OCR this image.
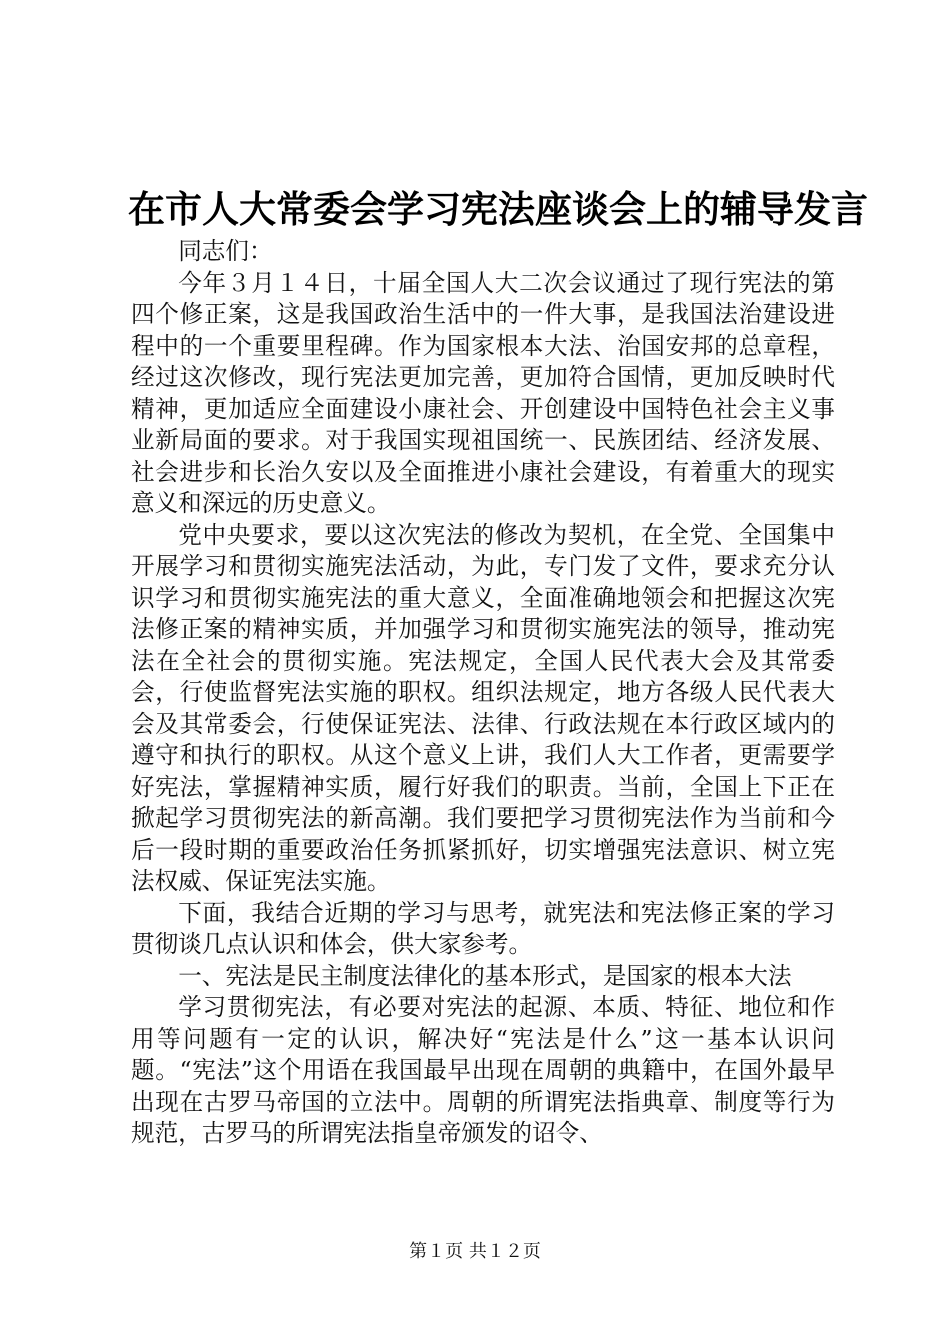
在市人大常委会学习宪法座谈会上的辅导发言

同志们：

今年３月１４日，十届全国人大二次会议通过了现行宪法的第四个修正案，这是我国政治生活中的一件大事，是我国法治建设进程中的一个重要里程碑。作为国家根本大法、治国安邦的总章程，经过这次修改，现行宪法更加完善，更加符合国情，更加反映时代精神，更加适应全面建设小康社会、开创建设中国特色社会主义事业新局面的要求。对于我国实现祖国统一、民族团结、经济发展、社会进步和长治久安以及全面推进小康社会建设，有着重大的现实意义和深远的历史意义。

党中央要求，要以这次宪法的修改为契机，在全党、全国集中开展学习和贯彻实施宪法活动，为此，专门发了文件，要求充分认识学习和贯彻实施宪法的重大意义，全面准确地领会和把握这次宪法修正案的精神实质，并加强学习和贯彻实施宪法的领导，推动宪法在全社会的贯彻实施。宪法规定，全国人民代表大会及其常委会，行使监督宪法实施的职权。组织法规定，地方各级人民代表大会及其常委会，行使保证宪法、法律、行政法规在本行政区域内的遵守和执行的职权。从这个意义上讲，我们人大工作者，更需要学好宪法，掌握精神实质，履行好我们的职责。当前，全国上下正在掀起学习贯彻宪法的新高潮。我们要把学习贯彻宪法作为当前和今后一段时期的重要政治任务抓紧抓好，切实增强宪法意识、树立宪法权威、保证宪法实施。

下面，我结合近期的学习与思考，就宪法和宪法修正案的学习贯彻谈几点认识和体会，供大家参考。

一、宪法是民主制度法律化的基本形式，是国家的根本大法

学习贯彻宪法，有必要对宪法的起源、本质、特征、地位和作用等问题有一定的认识，解决好“宪法是什么”这一基本认识问题。“宪法”这个用语在我国最早出现在周朝的典籍中，在国外最早出现在古罗马帝国的立法中。周朝的所谓宪法指典章、制度等行为规范，古罗马的所谓宪法指皇帝颁发的诏令、

第１页 共１２页
